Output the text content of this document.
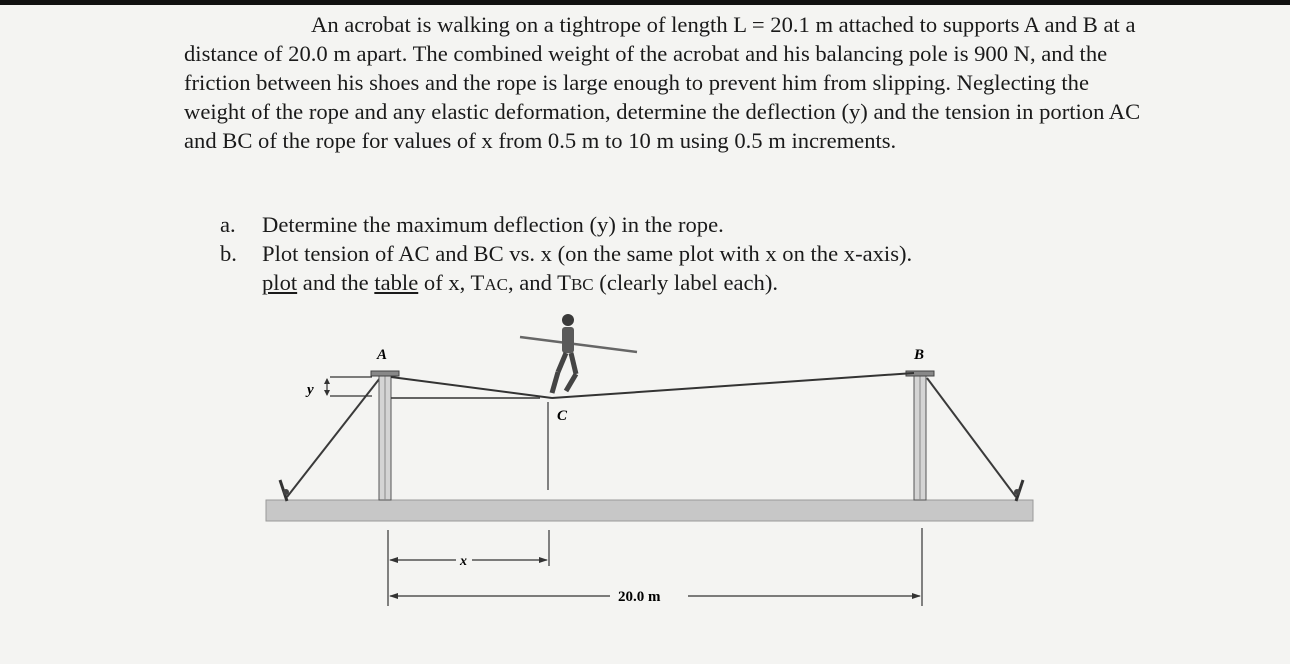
An acrobat is walking on a tightrope of length L = 20.1 m attached to supports A and B at a distance of 20.0 m apart. The combined weight of the acrobat and his balancing pole is 900 N, and the friction between his shoes and the rope is large enough to prevent him from slipping. Neglecting the weight of the rope and any elastic deformation, determine the deflection (y) and the tension in portion AC and BC of the rope for values of x from 0.5 m to 10 m using 0.5 m increments.
a. Determine the maximum deflection (y) in the rope.
b. Plot tension of AC and BC vs. x (on the same plot with x on the x-axis).
plot and the table of x, TAC, and TBC (clearly label each).
y
A	B
C
x
20.0 m
